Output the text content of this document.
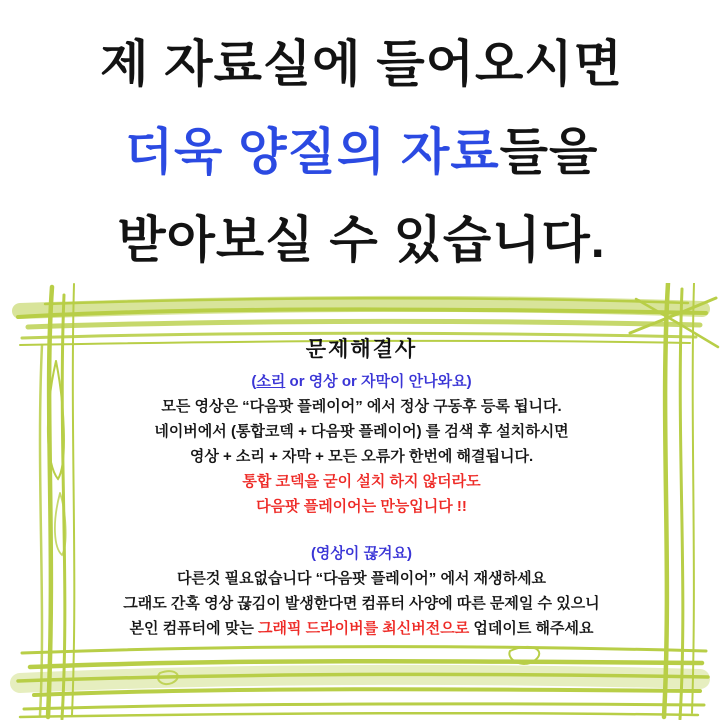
제 자료실에 들어오시면
더욱 양질의 자료 들을
받아보실 수 있습니다.
문제해결사
(소리 or 영상 or 자막이 안나와요)
모든 영상은 “다음팟 플레이어” 에서 정상 구동후 등록 됩니다.
네이버에서 (통합코덱 + 다음팟 플레이어) 를 검색 후 설치하시면
영상 + 소리 + 자막 + 모든 오류가 한번에 해결됩니다.
통합 코덱을 굳이 설치 하지 않더라도
다음팟 플레이어는 만능입니다 !!
(영상이 끊겨요)
다른것 필요없습니다 “다음팟 플레이어” 에서 재생하세요
그래도 간혹 영상 끊김이 발생한다면 컴퓨터 사양에 따른 문제일 수 있으니
본인 컴퓨터에 맞는 그래픽 드라이버를 최신버전으로 업데이트 해주세요
